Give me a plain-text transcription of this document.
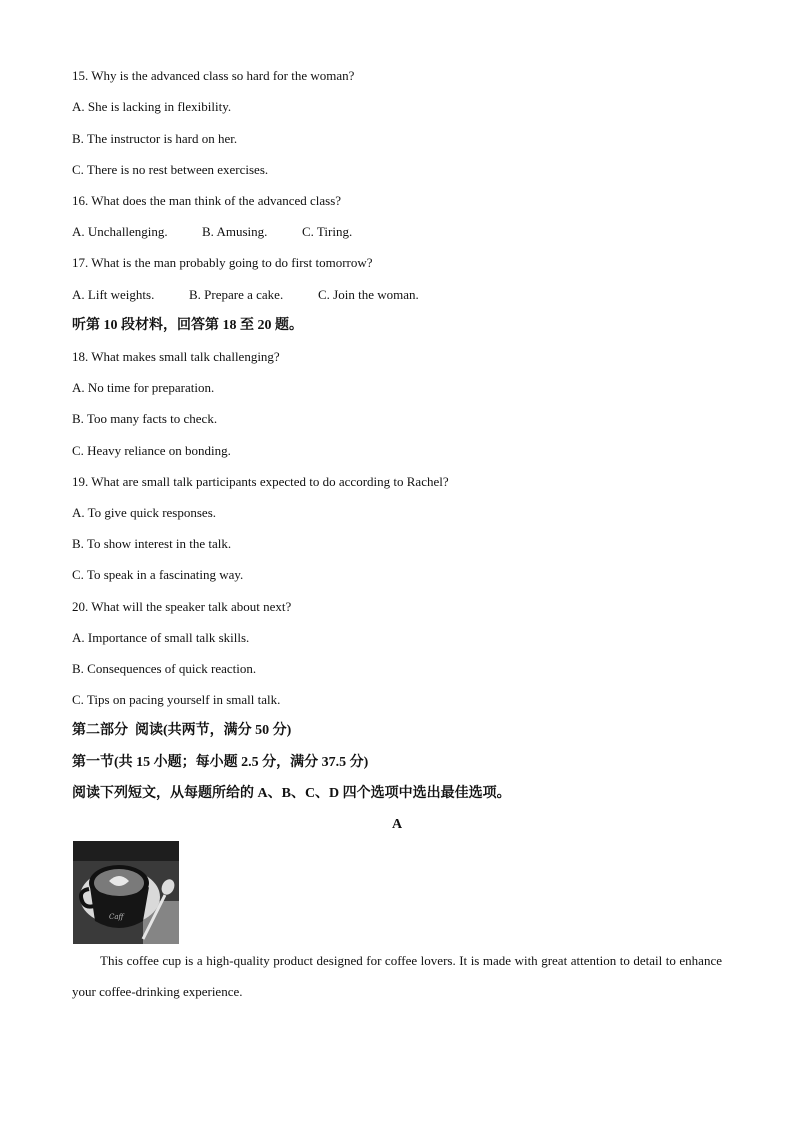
15. Why is the advanced class so hard for the woman?
A. She is lacking in flexibility.
B. The instructor is hard on her.
C. There is no rest between exercises.
16. What does the man think of the advanced class?
A. Unchallenging.	B. Amusing.	C. Tiring.
17. What is the man probably going to do first tomorrow?
A. Lift weights.	B. Prepare a cake.	C. Join the woman.
听第 10 段材料，回答第 18 至 20 题。
18. What makes small talk challenging?
A. No time for preparation.
B. Too many facts to check.
C. Heavy reliance on bonding.
19. What are small talk participants expected to do according to Rachel?
A. To give quick responses.
B. To show interest in the talk.
C. To speak in a fascinating way.
20. What will the speaker talk about next?
A. Importance of small talk skills.
B. Consequences of quick reaction.
C. Tips on pacing yourself in small talk.
第二部分  阅读(共两节，满分 50 分)
第一节(共 15 小题；每小题 2.5 分，满分 37.5 分)
阅读下列短文，从每题所给的 A、B、C、D 四个选项中选出最佳选项。
A
Caff
This coffee cup is a high-quality product designed for coffee lovers. It is made with great attention to detail to enhance your coffee-drinking experience.
